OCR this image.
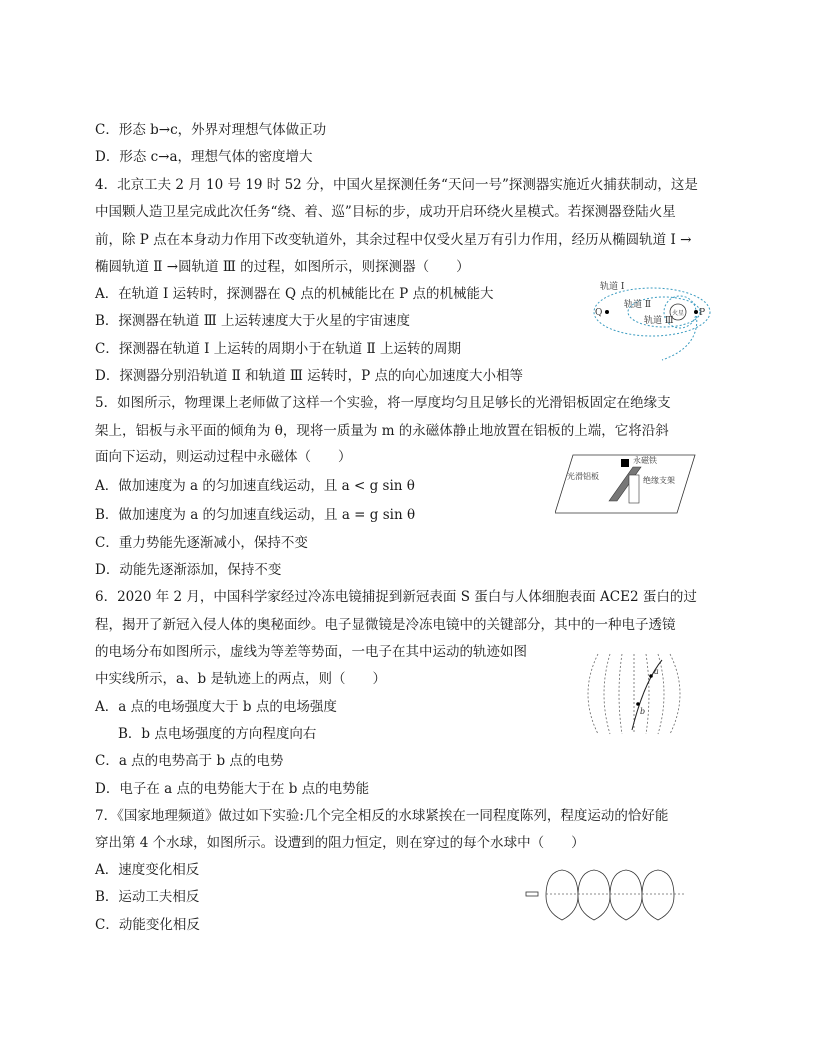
C．形态 b→c，外界对理想气体做正功
D．形态 c→a，理想气体的密度增大
4．北京工夫 2 月 10 号 19 时 52 分，中国火星探测任务“天问一号”探测器实施近火捕获制动，这是
中国颗人造卫星完成此次任务“绕、着、巡”目标的步，成功开启环绕火星模式。若探测器登陆火星
前，除 P 点在本身动力作用下改变轨道外，其余过程中仅受火星万有引力作用，经历从椭圆轨道 Ⅰ →
椭圆轨道 Ⅱ →圆轨道 Ⅲ 的过程，如图所示，则探测器（　　）
A．在轨道 Ⅰ 运转时，探测器在 Q 点的机械能比在 P 点的机械能大
B．探测器在轨道 Ⅲ 上运转速度大于火星的宇宙速度
C．探测器在轨道 Ⅰ 上运转的周期小于在轨道 Ⅱ 上运转的周期
D．探测器分别沿轨道 Ⅱ 和轨道 Ⅲ 运转时，P 点的向心加速度大小相等
5．如图所示，物理课上老师做了这样一个实验，将一厚度均匀且足够长的光滑铝板固定在绝缘支
架上，铝板与永平面的倾角为 θ，现将一质量为 m 的永磁体静止地放置在铝板的上端，它将沿斜
面向下运动，则运动过程中永磁体（　　）
A．做加速度为 a 的匀加速直线运动，且 a < g sin θ
B．做加速度为 a 的匀加速直线运动，且 a = g sin θ
C．重力势能先逐渐减小，保持不变
D．动能先逐渐添加，保持不变
6．2020 年 2 月，中国科学家经过冷冻电镜捕捉到新冠表面 S 蛋白与人体细胞表面 ACE2 蛋白的过
程，揭开了新冠入侵人体的奥秘面纱。电子显微镜是冷冻电镜中的关键部分，其中的一种电子透镜
的电场分布如图所示，虚线为等差等势面，一电子在其中运动的轨迹如图
中实线所示，a、b 是轨迹上的两点，则（　　）
A．a 点的电场强度大于 b 点的电场强度
B．b 点电场强度的方向程度向右
C．a 点的电势高于 b 点的电势
D．电子在 a 点的电势能大于在 b 点的电势能
7．《国家地理频道》做过如下实验:几个完全相反的水球紧挨在一同程度陈列，程度运动的恰好能
穿出第 4 个水球，如图所示。设遭到的阻力恒定，则在穿过的每个水球中（　　）
A．速度变化相反
B．运动工夫相反
C．动能变化相反
轨道 Ⅰ
轨道 Ⅱ
轨道 Ⅲ
Q	P
火星
永磁铁
光滑铝板	绝缘支架
a
b
